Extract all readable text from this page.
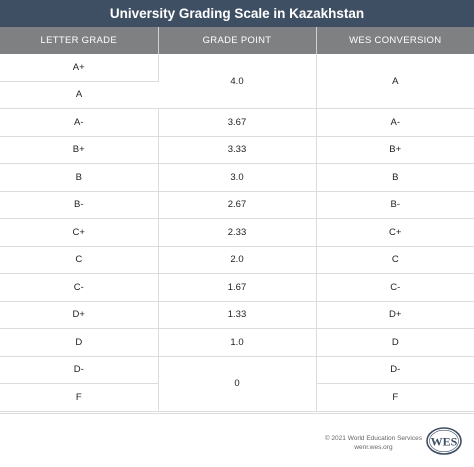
University Grading Scale in Kazakhstan
LETTER GRADE	GRADE POINT	WES CONVERSION
A+	4.0	A
A		
A-	3.67	A-
B+	3.33	B+
B	3.0	B
B-	2.67	B-
C+	2.33	C+
C	2.0	C
C-	1.67	C-
D+	1.33	D+
D	1.0	D
D-	0	D-
F		F
© 2021 World Education Services
wenr.wes.org	WES
